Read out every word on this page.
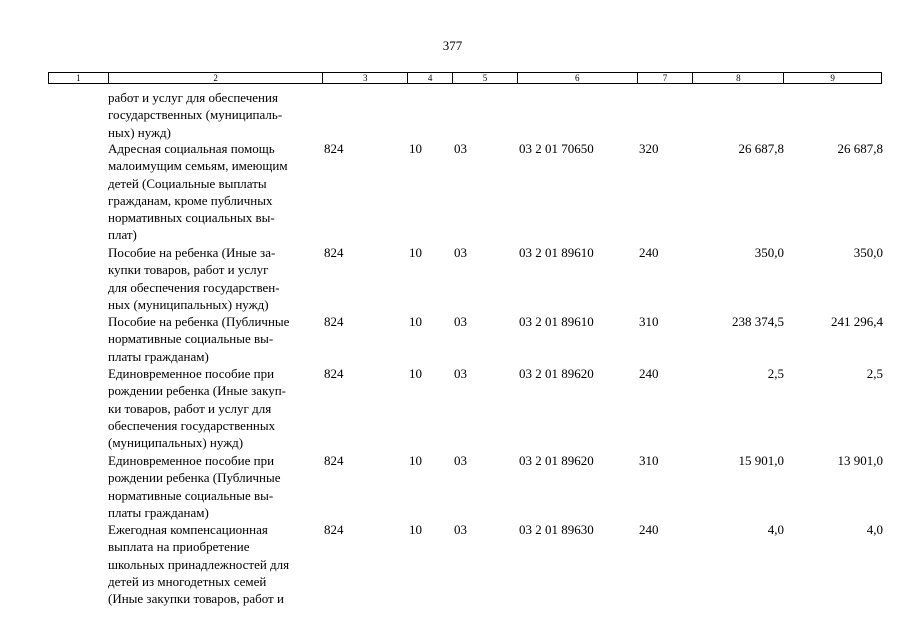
377
1	2	3	4	5	6	7	8	9
работ и услуг для обеспечения
государственных (муниципаль-
ных) нужд)
Адресная социальная помощь
малоимущим семьям, имеющим
детей (Социальные выплаты
гражданам, кроме публичных
нормативных социальных вы-
плат)
824	10 03	03 2 01 70650	320	26 687,8	26 687,8
Пособие на ребенка (Иные за-
купки товаров, работ и услуг
для обеспечения государствен-
ных (муниципальных) нужд)
824	10 03	03 2 01 89610	240	350,0	350,0
Пособие на ребенка (Публичные
нормативные социальные вы-
платы гражданам)
824	10 03	03 2 01 89610	310	238 374,5	241 296,4
Единовременное пособие при
рождении ребенка (Иные закуп-
ки товаров, работ и услуг для
обеспечения государственных
(муниципальных) нужд)
824	10 03	03 2 01 89620	240	2,5	2,5
Единовременное пособие при
рождении ребенка (Публичные
нормативные социальные вы-
платы гражданам)
824	10 03	03 2 01 89620	310	15 901,0	13 901,0
Ежегодная компенсационная
выплата на приобретение
школьных принадлежностей для
детей из многодетных семей
(Иные закупки товаров, работ и
824	10 03	03 2 01 89630	240	4,0	4,0
